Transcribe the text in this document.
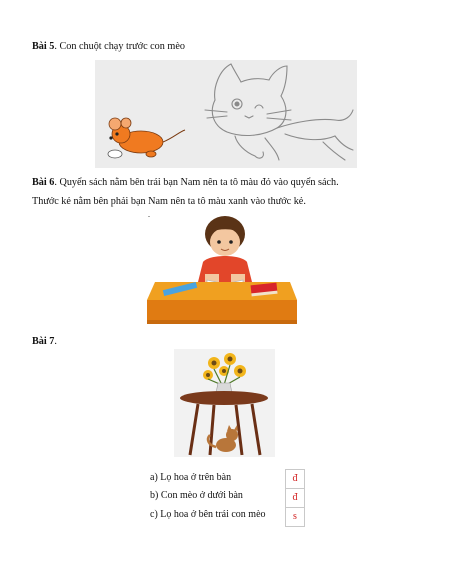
Bài 5. Con chuột chạy trước con mèo
Bài 6. Quyển sách nằm bên trái bạn Nam nên ta tô màu đỏ vào quyển sách.
Thước kẻ nằm bên phải bạn Nam nên ta tô màu xanh vào thước kẻ.
.
Bài 7.
a) Lọ hoa ở trên bàn
b) Con mèo ở dưới bàn
c) Lọ hoa ở bên trái con mèo
đ
đ
s
